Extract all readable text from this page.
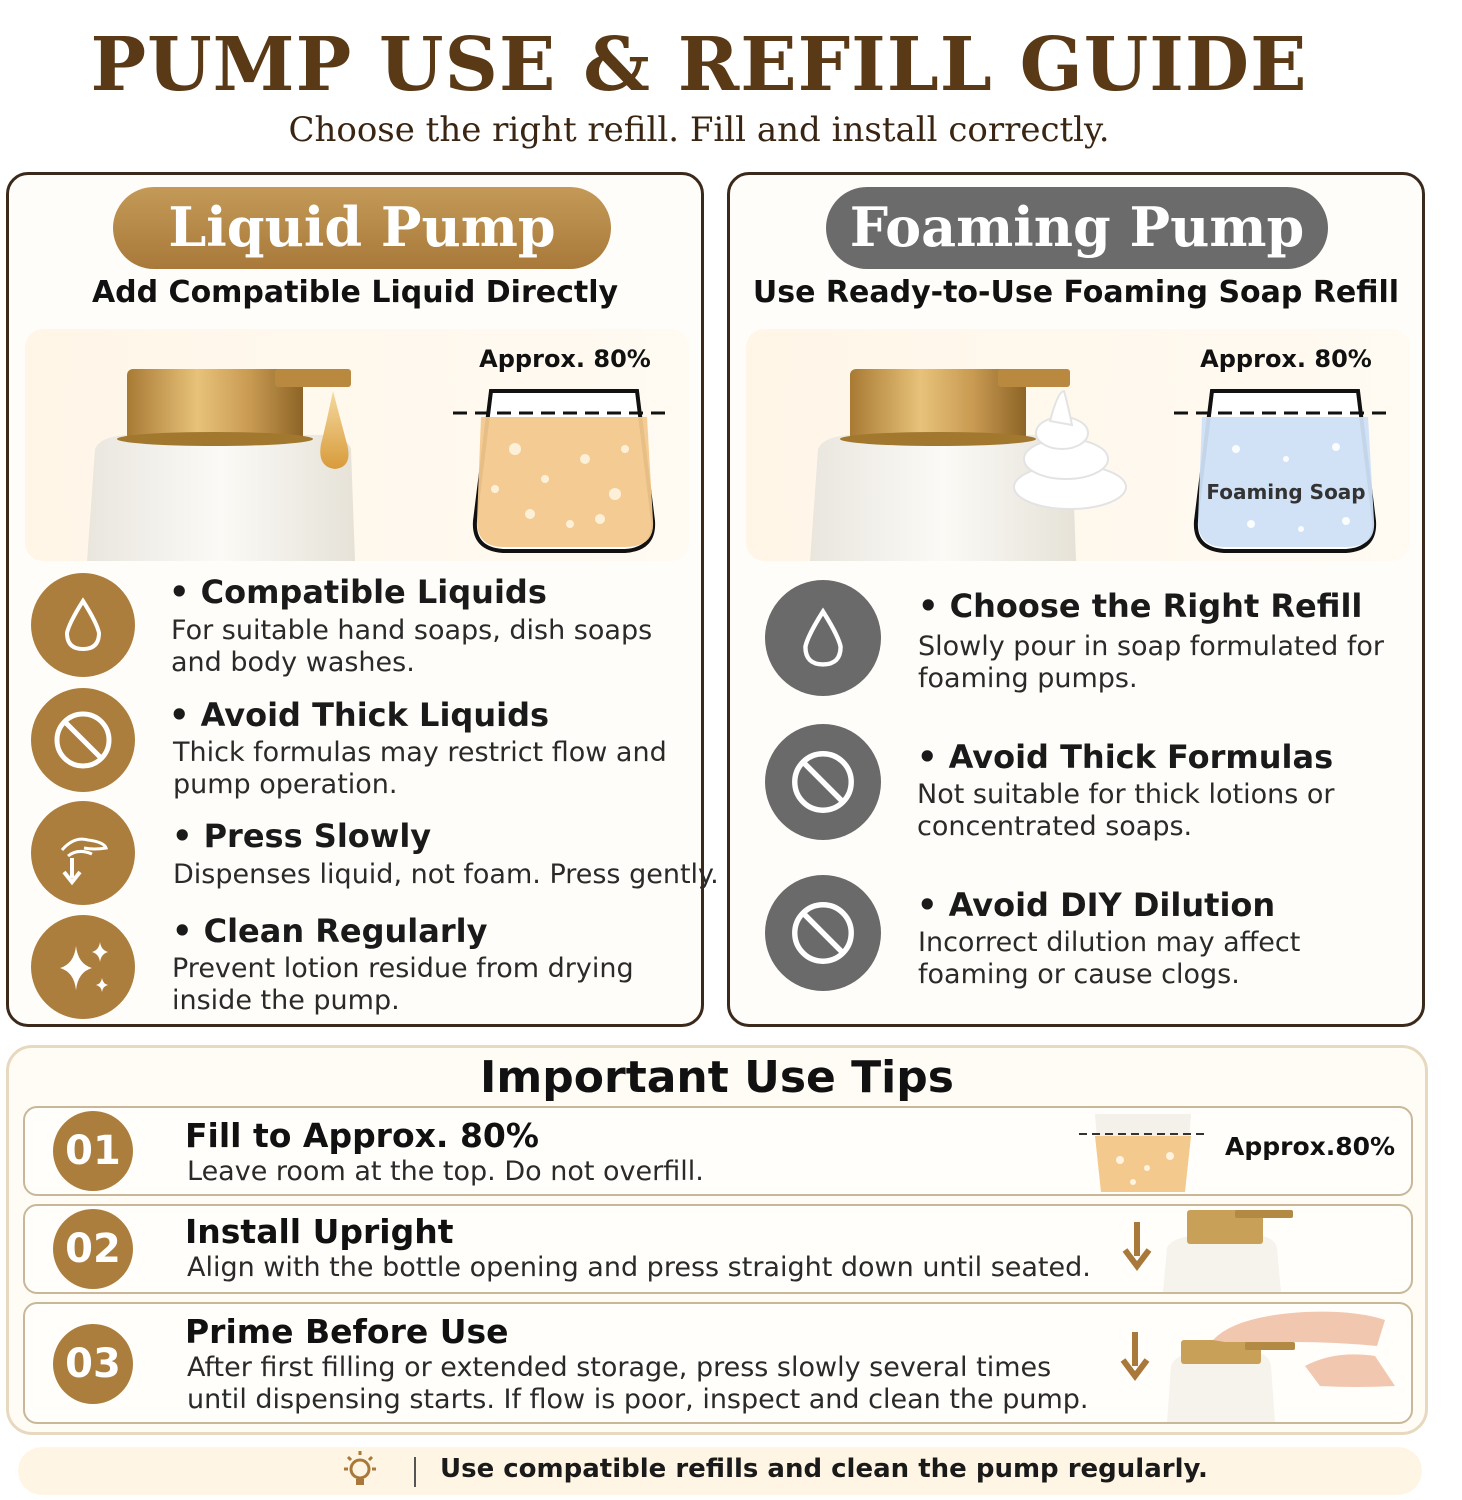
PUMP USE & REFILL GUIDE
Choose the right refill. Fill and install correctly.
Liquid Pump
Add Compatible Liquid Directly
Approx. 80%
• Compatible Liquids
For suitable hand soaps, dish soaps and body washes.
• Avoid Thick Liquids
Thick formulas may restrict flow and pump operation.
• Press Slowly
Dispenses liquid, not foam. Press gently.
• Clean Regularly
Prevent lotion residue from drying inside the pump.
Foaming Pump
Use Ready-to-Use Foaming Soap Refill
Approx. 80%
Foaming Soap
• Choose the Right Refill
Slowly pour in soap formulated for foaming pumps.
• Avoid Thick Formulas
Not suitable for thick lotions or concentrated soaps.
• Avoid DIY Dilution
Incorrect dilution may affect foaming or cause clogs.
Important Use Tips
01	Fill to Approx. 80%
Leave room at the top. Do not overfill.
Approx.80%
02	Install Upright
Align with the bottle opening and press straight down until seated.
03
Prime Before Use
After first filling or extended storage, press slowly several times until dispensing starts. If flow is poor, inspect and clean the pump.
Use compatible refills and clean the pump regularly.
